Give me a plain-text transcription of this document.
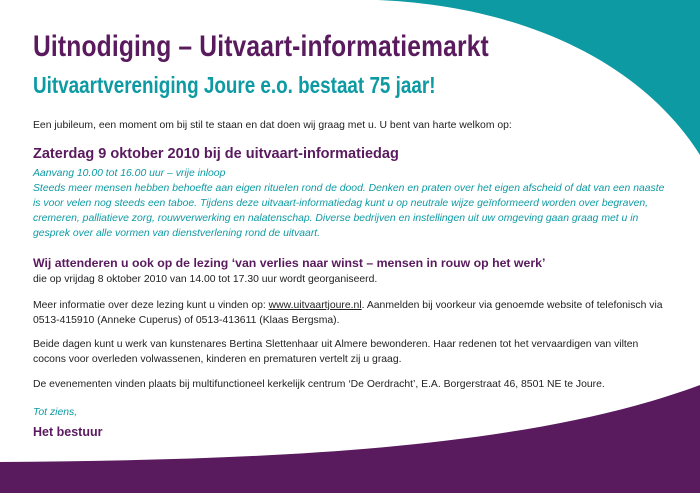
Uitnodiging – Uitvaart-informatiemarkt
Uitvaartvereniging Joure e.o. bestaat 75 jaar!

Een jubileum, een moment om bij stil te staan en dat doen wij graag met u. U bent van harte welkom op:

Zaterdag 9 oktober 2010 bij de uitvaart-informatiedag

Aanvang 10.00 tot 16.00 uur – vrije inloop

Steeds meer mensen hebben behoefte aan eigen ritueIen rond de dood. Denken en praten over het eigen afscheid of dat van een naaste is voor velen nog steeds een taboe. Tijdens deze uitvaart-informatiedag kunt u op neutrale wijze geïnformeerd worden over begraven, cremeren, palliatieve zorg, rouwverwerking en nalatenschap. Diverse bedrijven en instellingen uit uw omgeving gaan graag met u in gesprek over alle vormen van dienstverlening rond de uitvaart.

Wij attenderen u ook op de lezing ‘van verlies naar winst – mensen in rouw op het werk’

die op vrijdag 8 oktober 2010 van 14.00 tot 17.30 uur wordt georganiseerd.

Meer informatie over deze lezing kunt u vinden op: www.uitvaartjoure.nl. Aanmelden bij voorkeur via genoemde website of telefonisch via 0513-415910 (Anneke Cuperus) of 0513-413611 (Klaas Bergsma).

Beide dagen kunt u werk van kunstenares Bertina Slettenhaar uit Almere bewonderen. Haar redenen tot het vervaardigen van vilten cocons voor overleden volwassenen, kinderen en prematuren vertelt zij u graag.

De evenementen vinden plaats bij multifunctioneel kerkelijk centrum ‘De Oerdracht’, E.A. Borgerstraat 46, 8501 NE te Joure.

Tot ziens,

Het bestuur
